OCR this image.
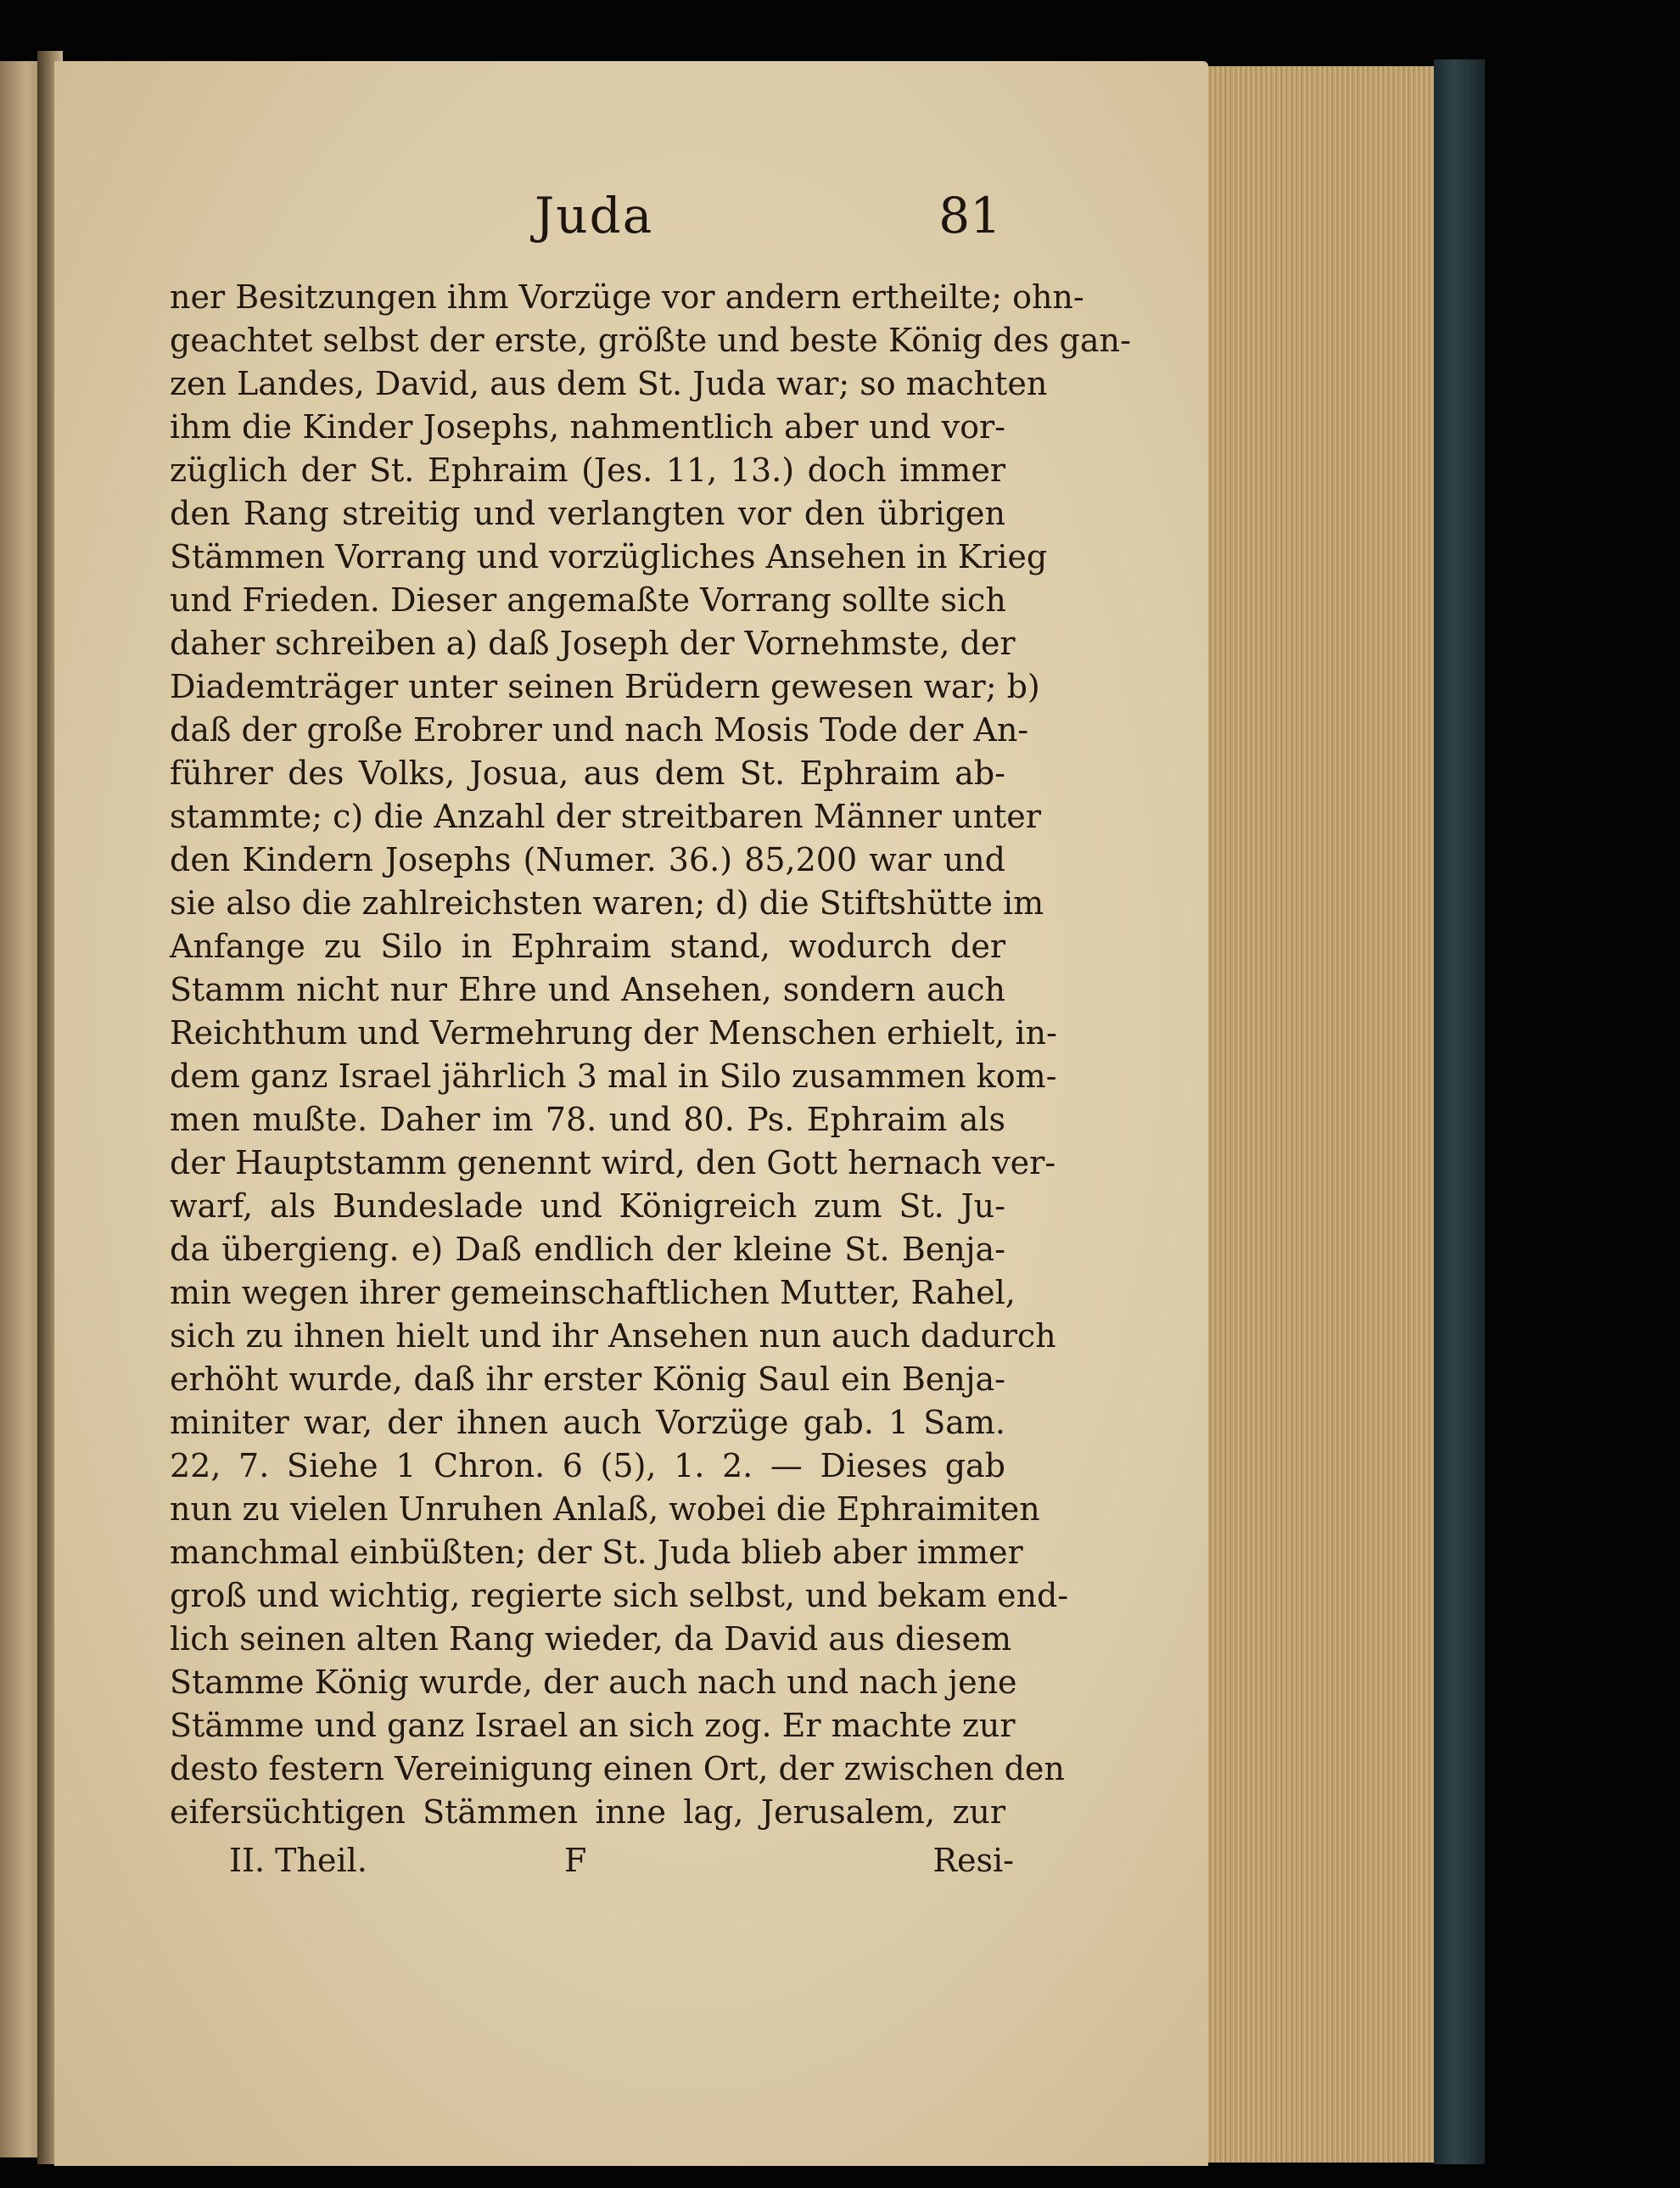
Juda	81
ner Besitzungen ihm Vorzüge vor andern ertheilte; ohn-
geachtet selbst der erste, größte und beste König des gan-
zen Landes, David, aus dem St. Juda war; so machten
ihm die Kinder Josephs, nahmentlich aber und vor-
züglich der St. Ephraim (Jes. 11, 13.) doch immer
den Rang streitig und verlangten vor den übrigen
Stämmen Vorrang und vorzügliches Ansehen in Krieg
und Frieden. Dieser angemaßte Vorrang sollte sich
daher schreiben a) daß Joseph der Vornehmste, der
Diademträger unter seinen Brüdern gewesen war; b)
daß der große Erobrer und nach Mosis Tode der An-
führer des Volks, Josua, aus dem St. Ephraim ab-
stammte; c) die Anzahl der streitbaren Männer unter
den Kindern Josephs (Numer. 36.) 85,200 war und
sie also die zahlreichsten waren; d) die Stiftshütte im
Anfange zu Silo in Ephraim stand, wodurch der
Stamm nicht nur Ehre und Ansehen, sondern auch
Reichthum und Vermehrung der Menschen erhielt, in-
dem ganz Israel jährlich 3 mal in Silo zusammen kom-
men mußte. Daher im 78. und 80. Ps. Ephraim als
der Hauptstamm genennt wird, den Gott hernach ver-
warf, als Bundeslade und Königreich zum St. Ju-
da übergieng. e) Daß endlich der kleine St. Benja-
min wegen ihrer gemeinschaftlichen Mutter, Rahel,
sich zu ihnen hielt und ihr Ansehen nun auch dadurch
erhöht wurde, daß ihr erster König Saul ein Benja-
miniter war, der ihnen auch Vorzüge gab. 1 Sam.
22, 7. Siehe 1 Chron. 6 (5), 1. 2. — Dieses gab
nun zu vielen Unruhen Anlaß, wobei die Ephraimiten
manchmal einbüßten; der St. Juda blieb aber immer
groß und wichtig, regierte sich selbst, und bekam end-
lich seinen alten Rang wieder, da David aus diesem
Stamme König wurde, der auch nach und nach jene
Stämme und ganz Israel an sich zog. Er machte zur
desto festern Vereinigung einen Ort, der zwischen den
eifersüchtigen Stämmen inne lag, Jerusalem, zur
II. Theil.	F	Resi-
